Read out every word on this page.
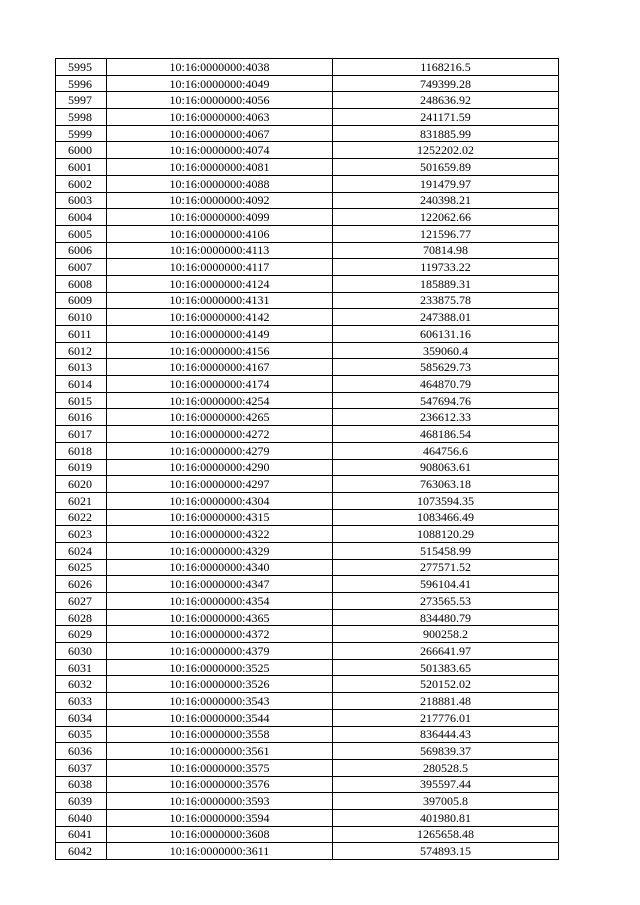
5995	10:16:0000000:4038	1168216.5
5996	10:16:0000000:4049	749399.28
5997	10:16:0000000:4056	248636.92
5998	10:16:0000000:4063	241171.59
5999	10:16:0000000:4067	831885.99
6000	10:16:0000000:4074	1252202.02
6001	10:16:0000000:4081	501659.89
6002	10:16:0000000:4088	191479.97
6003	10:16:0000000:4092	240398.21
6004	10:16:0000000:4099	122062.66
6005	10:16:0000000:4106	121596.77
6006	10:16:0000000:4113	70814.98
6007	10:16:0000000:4117	119733.22
6008	10:16:0000000:4124	185889.31
6009	10:16:0000000:4131	233875.78
6010	10:16:0000000:4142	247388.01
6011	10:16:0000000:4149	606131.16
6012	10:16:0000000:4156	359060.4
6013	10:16:0000000:4167	585629.73
6014	10:16:0000000:4174	464870.79
6015	10:16:0000000:4254	547694.76
6016	10:16:0000000:4265	236612.33
6017	10:16:0000000:4272	468186.54
6018	10:16:0000000:4279	464756.6
6019	10:16:0000000:4290	908063.61
6020	10:16:0000000:4297	763063.18
6021	10:16:0000000:4304	1073594.35
6022	10:16:0000000:4315	1083466.49
6023	10:16:0000000:4322	1088120.29
6024	10:16:0000000:4329	515458.99
6025	10:16:0000000:4340	277571.52
6026	10:16:0000000:4347	596104.41
6027	10:16:0000000:4354	273565.53
6028	10:16:0000000:4365	834480.79
6029	10:16:0000000:4372	900258.2
6030	10:16:0000000:4379	266641.97
6031	10:16:0000000:3525	501383.65
6032	10:16:0000000:3526	520152.02
6033	10:16:0000000:3543	218881.48
6034	10:16:0000000:3544	217776.01
6035	10:16:0000000:3558	836444.43
6036	10:16:0000000:3561	569839.37
6037	10:16:0000000:3575	280528.5
6038	10:16:0000000:3576	395597.44
6039	10:16:0000000:3593	397005.8
6040	10:16:0000000:3594	401980.81
6041	10:16:0000000:3608	1265658.48
6042	10:16:0000000:3611	574893.15
